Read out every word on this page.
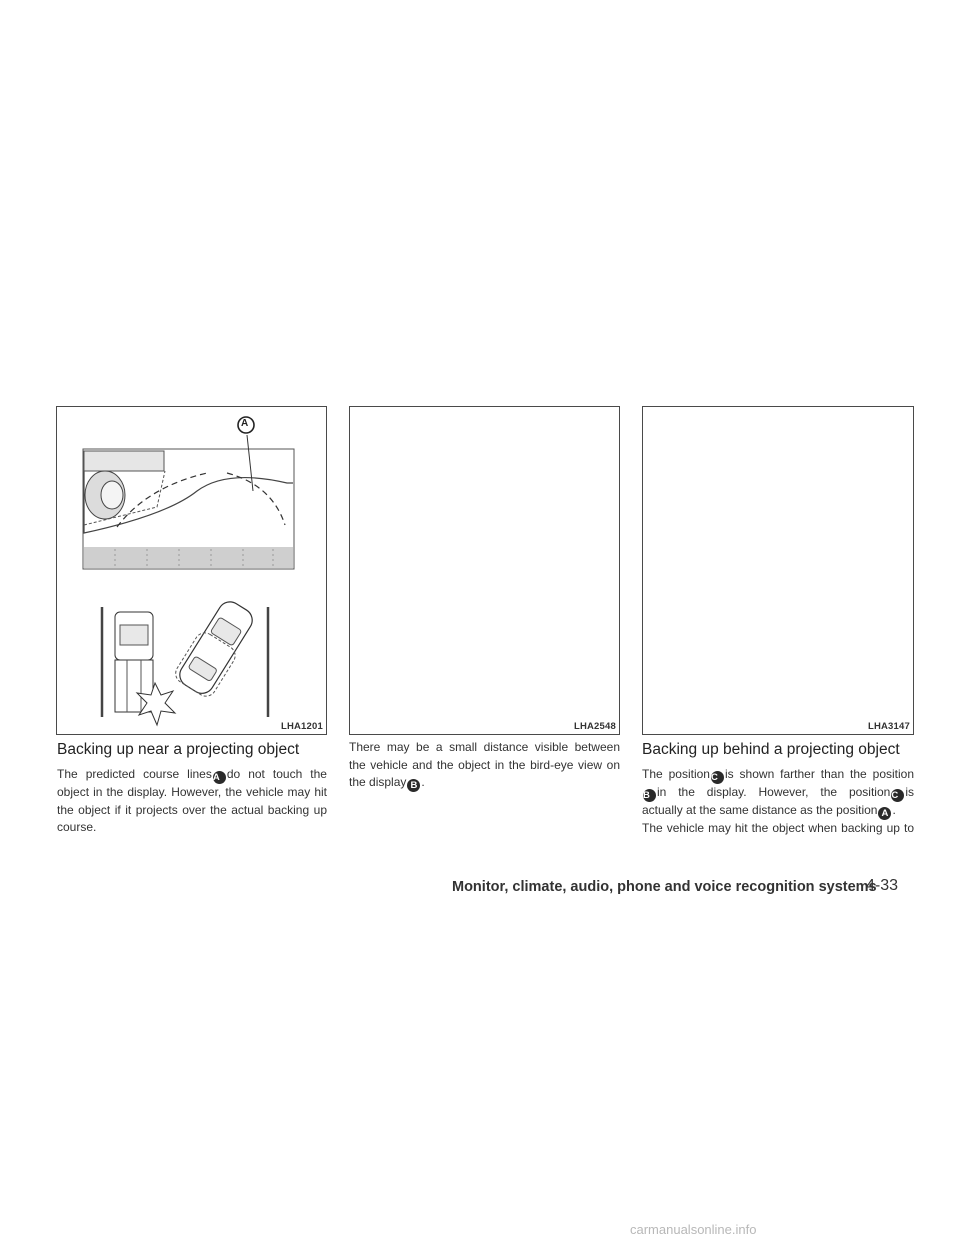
A
LHA1201	LHA2548	LHA3147
Backing up near a projecting object
The predicted course linesA do not touch the
object in the display. However, the vehicle may hit
the object if it projects over the actual backing up
course.
There may be a small distance visible between
the vehicle and the object in the bird-eye view on
the display B .
Backing up behind a projecting object
The positionC is shown farther than the position
B in the display. However, the positionC is
actually at the same distance as the position A .
The vehicle may hit the object when backing up to
Monitor, climate, audio, phone and voice recognition systems
4-33
carmanualsonline.info
